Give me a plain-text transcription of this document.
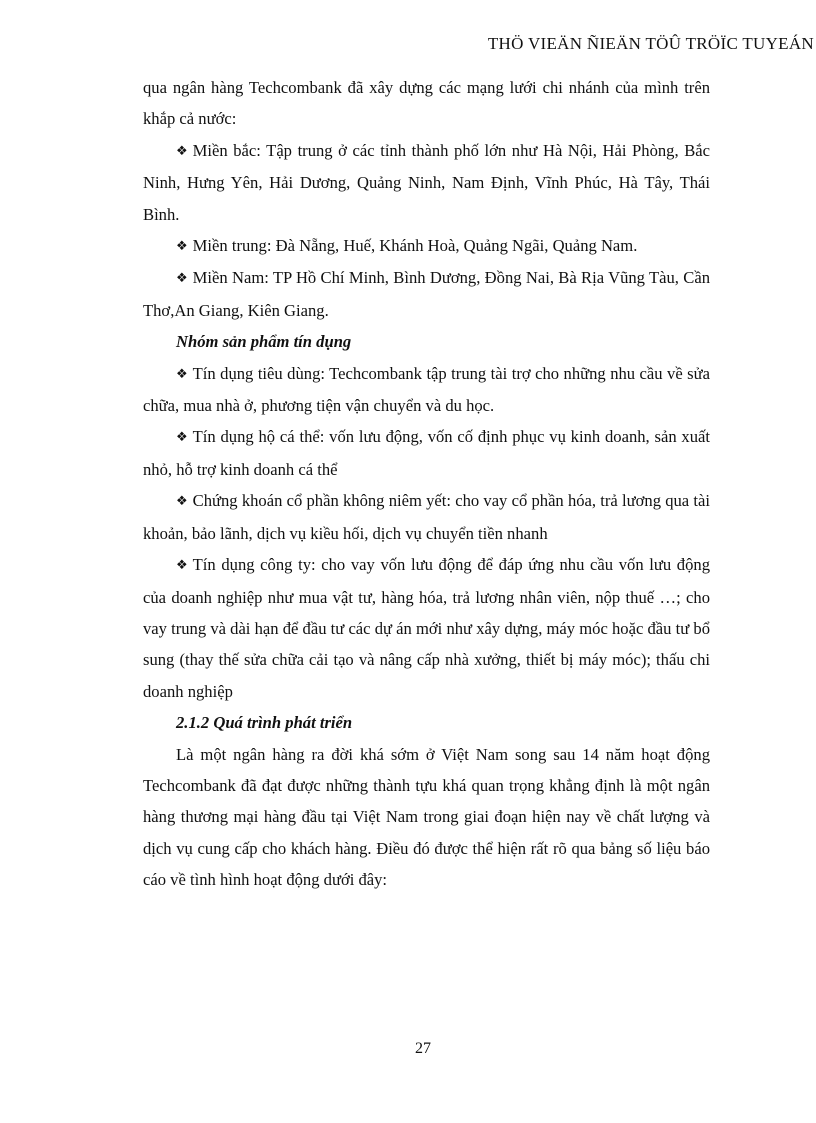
THÖ VIEÄN ÑIEÄN TÖÛ TRÖÏC TUYEÁN

qua ngân hàng Techcombank đã xây dựng các mạng lưới chi nhánh của mình trên khắp cả nước:

❖ Miền bắc: Tập trung ở các tỉnh thành phố lớn như Hà Nội, Hải Phòng, Bắc Ninh, Hưng Yên, Hải Dương, Quảng Ninh, Nam Định, Vĩnh Phúc, Hà Tây, Thái Bình.

❖ Miền trung: Đà Nẵng, Huế, Khánh Hoà, Quảng Ngãi, Quảng Nam.

❖ Miền Nam: TP Hồ Chí Minh, Bình Dương, Đồng Nai, Bà Rịa Vũng Tàu, Cần Thơ,An Giang, Kiên Giang.

Nhóm sản phẩm tín dụng

❖ Tín dụng tiêu dùng: Techcombank tập trung tài trợ cho những nhu cầu về sửa chữa, mua nhà ở, phương tiện vận chuyển và du học.

❖ Tín dụng hộ cá thể: vốn lưu động, vốn cố định phục vụ kinh doanh, sản xuất nhỏ, hỗ trợ kinh doanh cá thể

❖ Chứng khoán cổ phần không niêm yết: cho vay cổ phần hóa, trả lương qua tài khoản, bảo lãnh, dịch vụ kiều hối, dịch vụ chuyển tiền nhanh

❖ Tín dụng công ty: cho vay vốn lưu động để đáp ứng nhu cầu vốn lưu động của doanh nghiệp như mua vật tư, hàng hóa, trả lương nhân viên, nộp thuế …; cho vay trung và dài hạn để đầu tư các dự án mới như xây dựng, máy móc hoặc đầu tư bổ sung (thay thế sửa chữa cải tạo và nâng cấp nhà xưởng, thiết bị máy móc); thấu chi doanh nghiệp

2.1.2 Quá trình phát triển

Là một ngân hàng ra đời khá sớm ở Việt Nam song sau 14 năm hoạt động Techcombank đã đạt được những thành tựu khá quan trọng khẳng định là một ngân hàng thương mại hàng đầu tại Việt Nam trong giai đoạn hiện nay về chất lượng và dịch vụ cung cấp cho khách hàng. Điều đó được thể hiện rất rõ qua bảng số liệu báo cáo về tình hình hoạt động dưới đây:

27
